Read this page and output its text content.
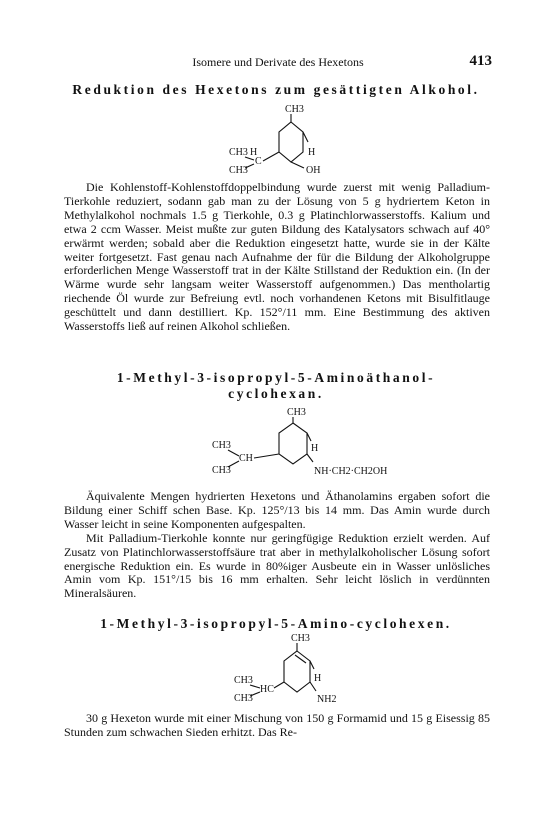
Isomere und Derivate des Hexetons	413
Reduktion des Hexetons zum gesättigten Alkohol.
CH3
CH3 H
C
CH3
H
OH

Die Kohlenstoff-Kohlenstoffdoppelbindung wurde zuerst mit wenig Palladium-Tierkohle reduziert, sodann gab man zu der Lösung von 5 g hydriertem Keton in Methylalkohol nochmals 1.5 g Tierkohle, 0.3 g Platinchlorwasserstoffs. Kalium und etwa 2 ccm Wasser. Meist mußte zur guten Bildung des Katalysators schwach auf 40° erwärmt werden; sobald aber die Reduktion eingesetzt hatte, wurde sie in der Kälte weiter fortgesetzt. Fast genau nach Aufnahme der für die Bildung der Alkoholgruppe erforderlichen Menge Wasserstoff trat in der Kälte Stillstand der Reduktion ein. (In der Wärme wurde sehr langsam weiter Wasserstoff aufgenommen.) Das mentholartig riechende Öl wurde zur Befreiung evtl. noch vorhandenen Ketons mit Bisulfitlauge geschüttelt und dann destilliert. Kp. 152°/11 mm. Eine Bestimmung des aktiven Wasserstoffs ließ auf reinen Alkohol schließen.

1-Methyl-3-isopropyl-5-Aminoäthanol-
cyclohexan.
CH3
CH3
CH
CH3
H
NH·CH2·CH2OH

Äquivalente Mengen hydrierten Hexetons und Äthanolamins ergaben sofort die Bildung einer Schiff schen Base. Kp. 125°/13 bis 14 mm. Das Amin wurde durch Wasser leicht in seine Komponenten aufgespalten.

Mit Palladium-Tierkohle konnte nur geringfügige Reduktion erzielt werden. Auf Zusatz von Platinchlorwasserstoffsäure trat aber in methylalkoholischer Lösung sofort energische Reduktion ein. Es wurde in 80%iger Ausbeute ein in Wasser unlösliches Amin vom Kp. 151°/15 bis 16 mm erhalten. Sehr leicht löslich in verdünnten Mineralsäuren.

1-Methyl-3-isopropyl-5-Amino-cyclohexen.
CH3
CH3
HC
CH3
H
NH2

30 g Hexeton wurde mit einer Mischung von 150 g Formamid und 15 g Eisessig 85 Stunden zum schwachen Sieden erhitzt. Das Re-
